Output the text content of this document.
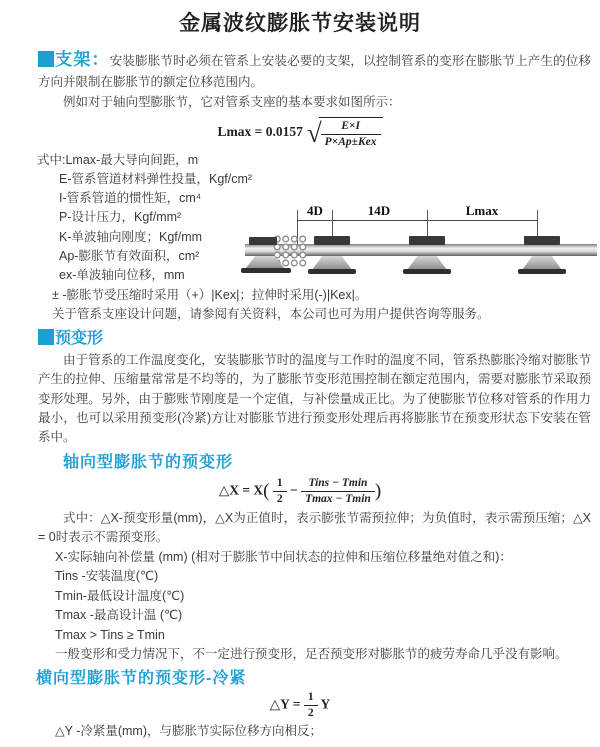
金属波纹膨胀节安装说明

支架：安装膨胀节时必须在管系上安装必要的支架，以控制管系的变形在膨胀节上产生的位移方向并限制在膨胀节的额定位移范围内。

例如对于轴向型膨胀节，它对管系支座的基本要求如图所示：

Lmax = 0.0157 √ $\frac{E\times I}{\text{P×Ap±Kex}}$
式中:Lmax-最大导向间距，m
E-管系管道材料弹性投量，Kgf/cm²
I-管系管道的惯性矩，cm⁴
P-设计压力，Kgf/mm²
K-单波轴向刚度；Kgf/mm
Ap-膨胀节有效面积，cm²
ex-单波轴向位移，mm
± -膨胀节受压缩时采用（+）|Kex|；拉伸时采用(-)|Kex|。
关于管系支座设计问题，请参阅有关资料，本公司也可为用户提供咨询等服务。
4D	14D	Lmax
预变形

由于管系的工作温度变化，安装膨胀节时的温度与工作时的温度不同，管系热膨胀冷缩对膨胀节产生的拉伸、压缩量常常是不均等的，为了膨胀节变形范围控制在额定范围内，需要对膨胀节采取预变形处理。另外，由于膨账节刚度是一个定值，与补偿量成正比。为了使膨胀节位移对管系的作用力最小，也可以采用预变形(冷紧)方让对膨胀节进行预变形处理后再将膨胀节在预变形状态下安装在管系中。

轴向型膨胀节的预变形
△X = $X( \frac{1}{2} - \frac{\text{Tins − Tmin}}{Tmax - Tmin}$ )

式中：△X-预变形量(mm)，△X为正值时，表示膨张节需预拉伸；为负值时，表示需预压缩；△X = 0时表示不需预变形。

X-实际轴向补偿量 (mm) (相对于膨胀节中间状态的拉伸和压缩位移量绝对值之和)：
Tins -安装温度(℃)
Tmin-最低设计温度(℃)
Tmax -最高设计温 (℃)
Tmax > Tins ≥ Tmin
一般变形和受力情况下，不一定进行预变形，足否预变形对膨胀节的疲劳寿命几乎没有影响。
横向型膨胀节的预变形-冷紧
△Y = $\frac{1}{2}$ Y
△Y -冷紧量(mm)，与膨胀节实际位移方向相反；
